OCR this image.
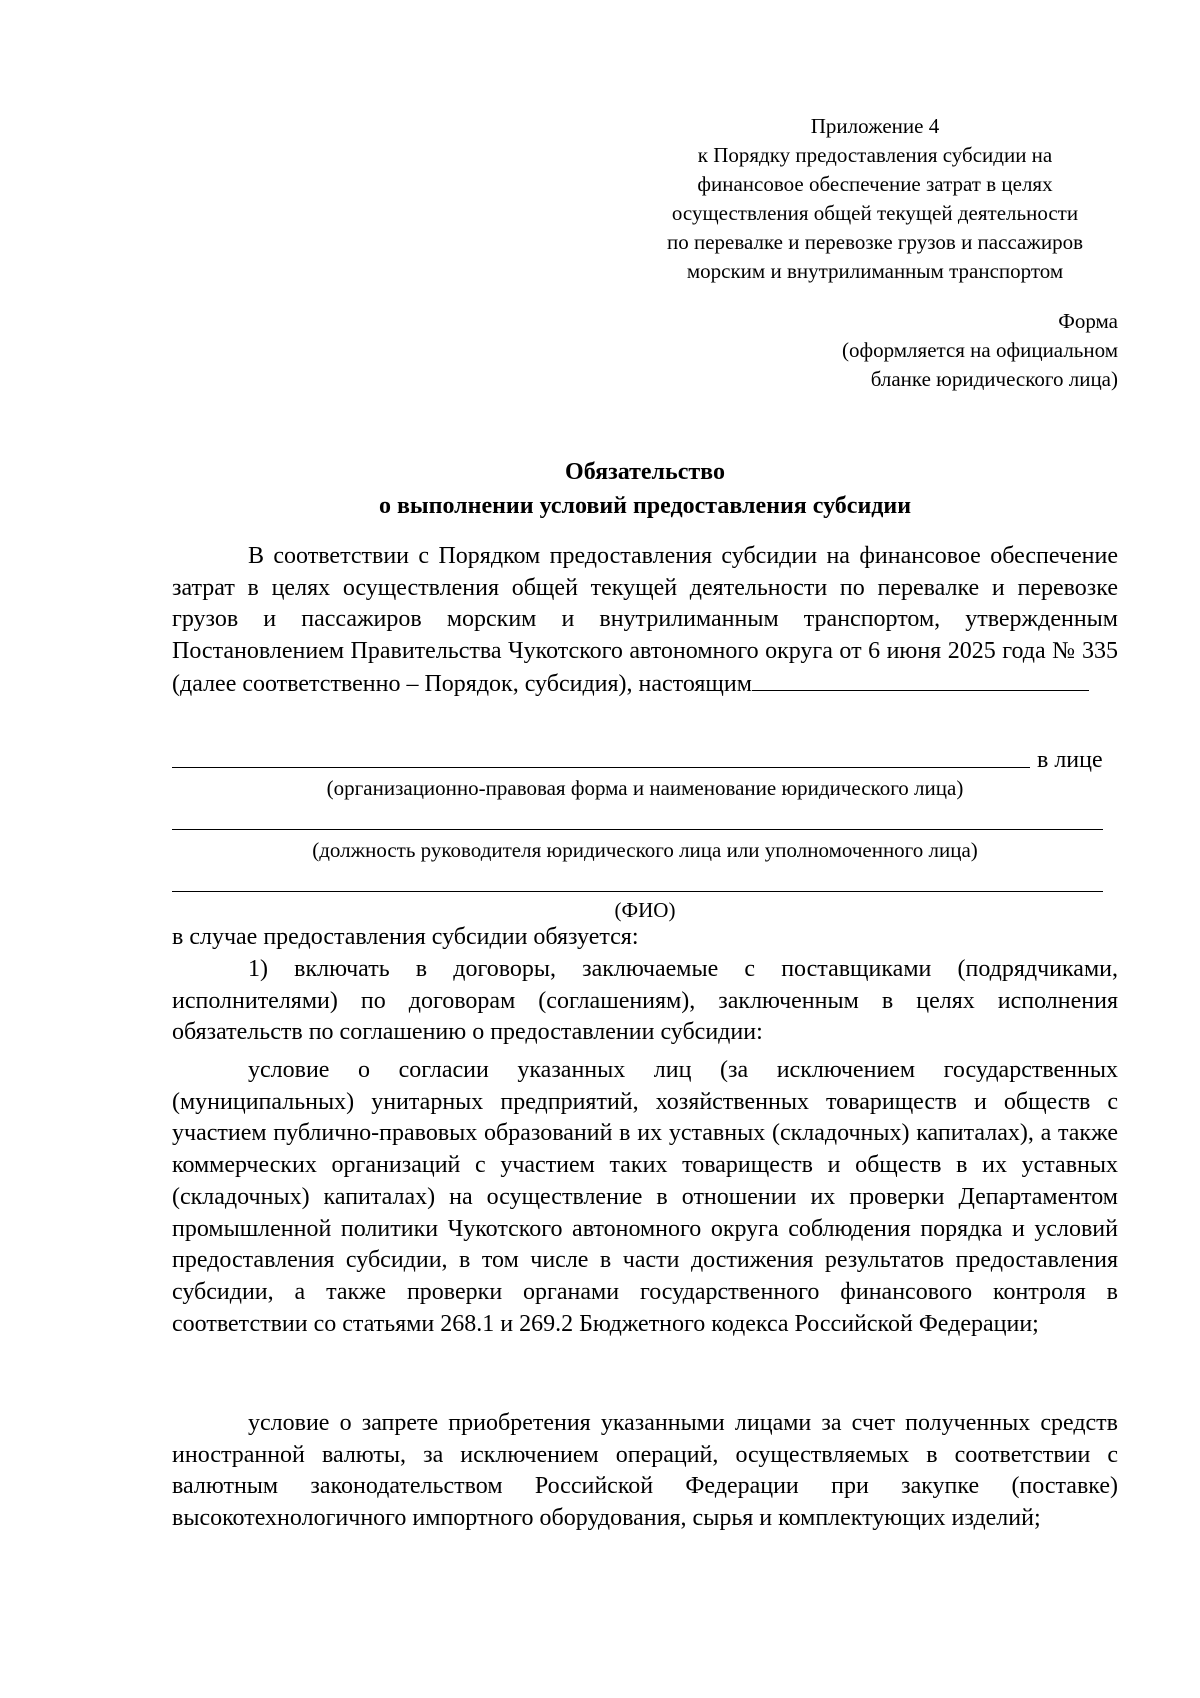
Приложение 4
к Порядку предоставления субсидии на
финансовое обеспечение затрат в целях
осуществления общей текущей деятельности
по перевалке и перевозке грузов и пассажиров
морским и внутрилиманным транспортом
Форма
(оформляется на официальном
бланке юридического лица)
Обязательство
о выполнении условий предоставления субсидии
В соответствии с Порядком предоставления субсидии на финансовое обеспечение затрат в целях осуществления общей текущей деятельности по перевалке и перевозке грузов и пассажиров морским и внутрилиманным транспортом, утвержденным Постановлением Правительства Чукотского автономного округа от 6 июня 2025 года № 335 (далее соответственно – Порядок, субсидия), настоящим
в лице
(организационно-правовая форма и наименование юридического лица)
(должность руководителя юридического лица или уполномоченного лица)
(ФИО)
в случае предоставления субсидии обязуется:
1) включать в договоры, заключаемые с поставщиками (подрядчиками, исполнителями) по договорам (соглашениям), заключенным в целях исполнения обязательств по соглашению о предоставлении субсидии:
условие о согласии указанных лиц (за исключением государственных (муниципальных) унитарных предприятий, хозяйственных товариществ и обществ с участием публично-правовых образований в их уставных (складочных) капиталах), а также коммерческих организаций с участием таких товариществ и обществ в их уставных (складочных) капиталах) на осуществление в отношении их проверки Департаментом промышленной политики Чукотского автономного округа соблюдения порядка и условий предоставления субсидии, в том числе в части достижения результатов предоставления субсидии, а также проверки органами государственного финансового контроля в соответствии со статьями 268.1 и 269.2 Бюджетного кодекса Российской Федерации;
условие о запрете приобретения указанными лицами за счет полученных средств иностранной валюты, за исключением операций, осуществляемых в соответствии с валютным законодательством Российской Федерации при закупке (поставке) высокотехнологичного импортного оборудования, сырья и комплектующих изделий;
